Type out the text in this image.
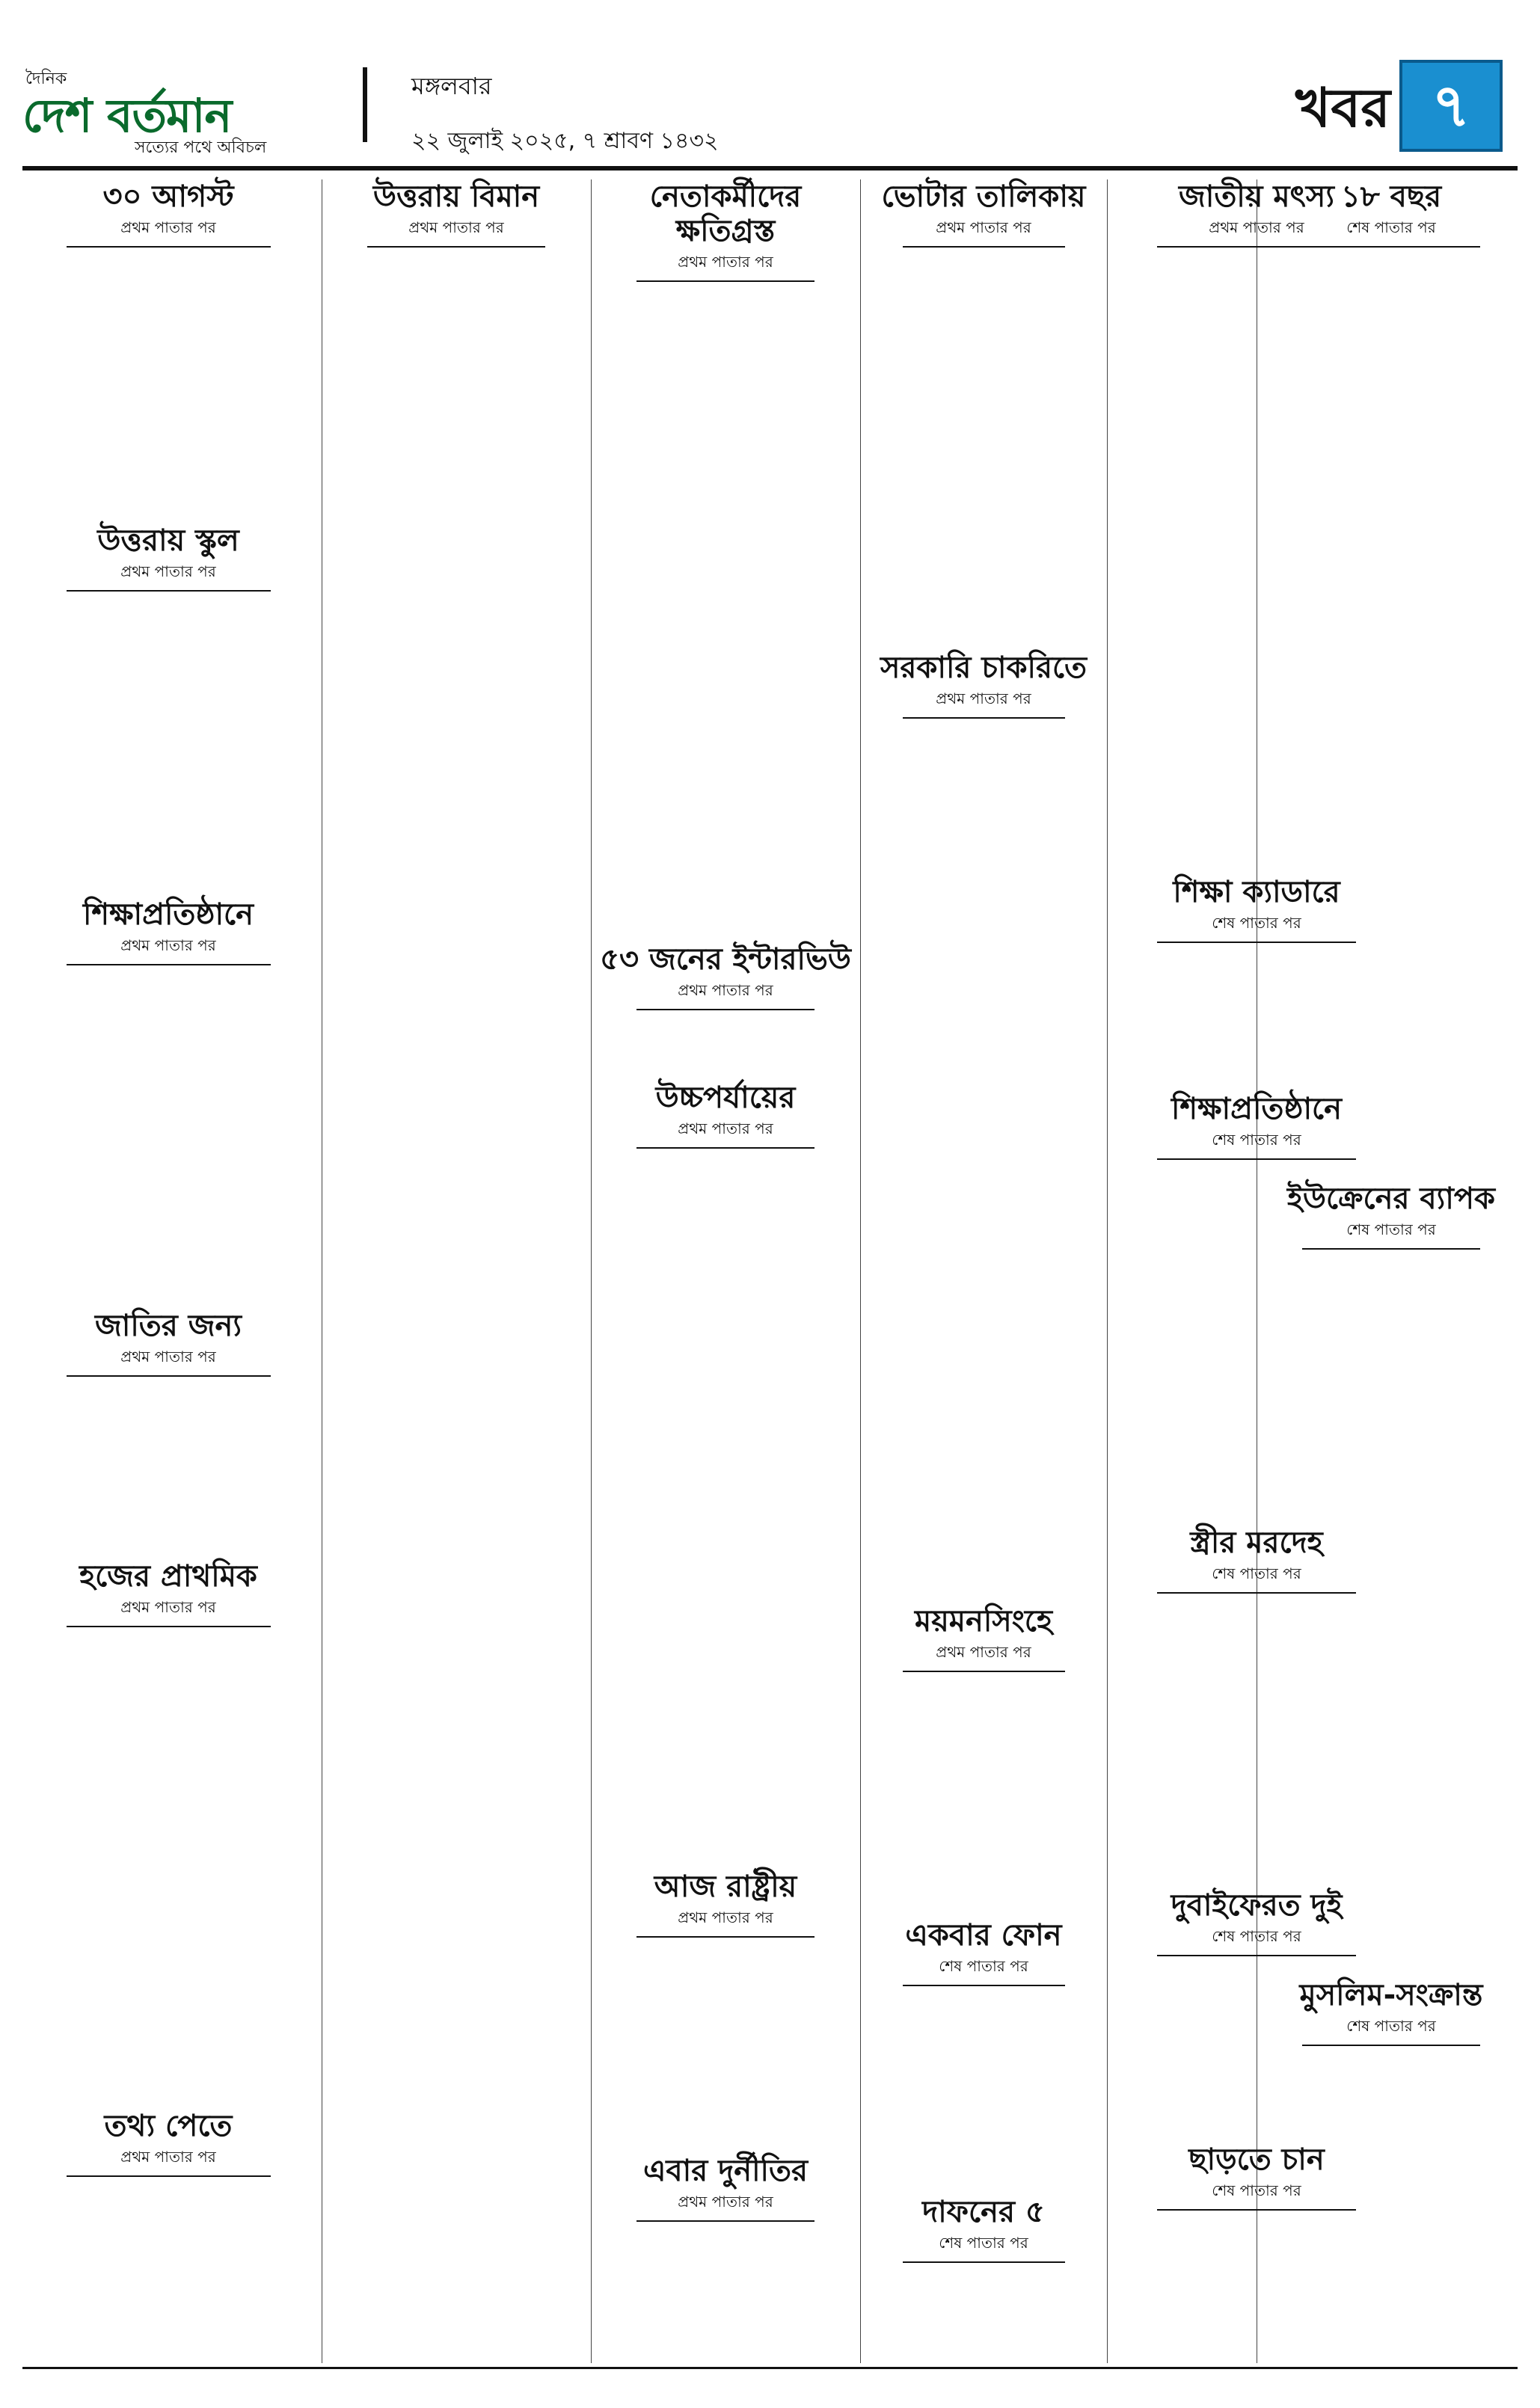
দৈনিক
দেশ বর্তমান
সত্যের পথে অবিচল
মঙ্গলবার
২২ জুলাই ২০২৫, ৭ শ্রাবণ ১৪৩২
খবর ৭
৩০ আগস্ট
প্রথম পাতার পর
উত্তরায় স্কুল
প্রথম পাতার পর
শিক্ষাপ্রতিষ্ঠানে
প্রথম পাতার পর
জাতির জন্য
প্রথম পাতার পর
হজের প্রাথমিক
প্রথম পাতার পর
তথ্য পেতে
প্রথম পাতার পর
উত্তরায় বিমান
প্রথম পাতার পর
নেতাকর্মীদের ক্ষতিগ্রস্ত
প্রথম পাতার পর
৫৩ জনের ইন্টারভিউ
প্রথম পাতার পর
উচ্চপর্যায়ের
প্রথম পাতার পর
আজ রাষ্ট্রীয়
প্রথম পাতার পর
এবার দুর্নীতির
প্রথম পাতার পর
ভোটার তালিকায়
প্রথম পাতার পর
সরকারি চাকরিতে
প্রথম পাতার পর
ময়মনসিংহে
প্রথম পাতার পর
একবার ফোন
শেষ পাতার পর
দাফনের ৫
শেষ পাতার পর
জাতীয় মৎস্য
প্রথম পাতার পর
শিক্ষা ক্যাডারে
শেষ পাতার পর
শিক্ষাপ্রতিষ্ঠানে
শেষ পাতার পর
স্ত্রীর মরদেহ
শেষ পাতার পর
দুবাইফেরত দুই
শেষ পাতার পর
ছাড়তে চান
শেষ পাতার পর
১৮ বছর
শেষ পাতার পর
ইউক্রেনের ব্যাপক
শেষ পাতার পর
মুসলিম-সংক্রান্ত
শেষ পাতার পর
